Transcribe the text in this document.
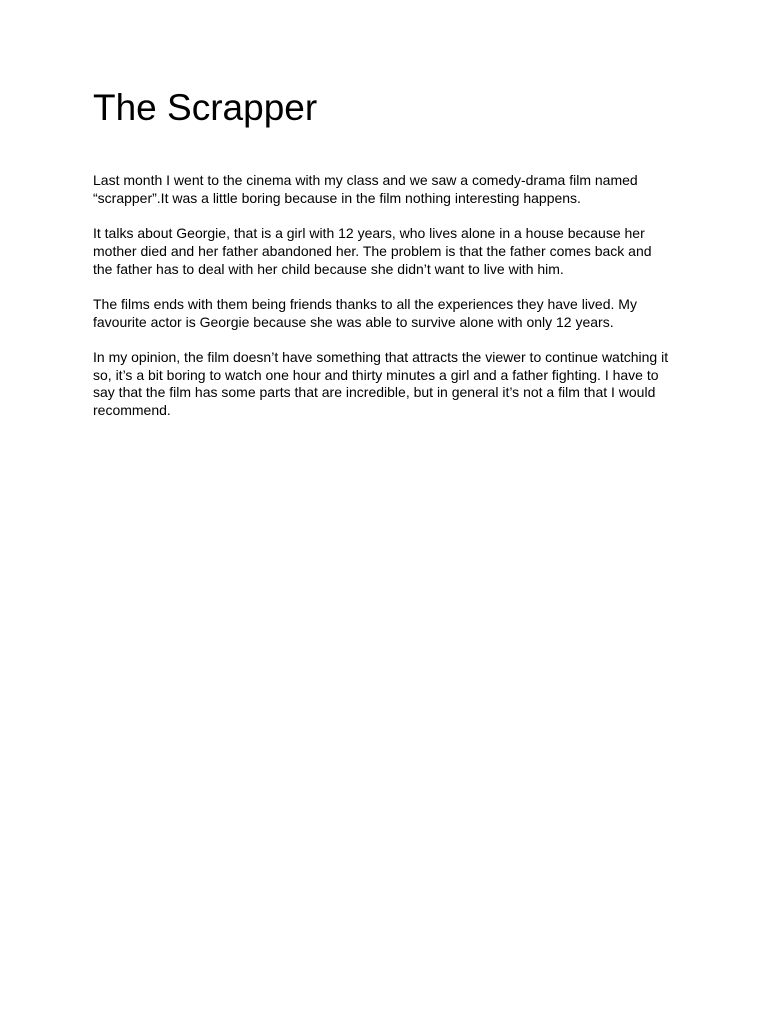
The Scrapper

Last month I went to the cinema with my class and we saw a comedy-drama film named “scrapper”.It was a little boring because in the film nothing interesting happens.

It talks about Georgie, that is a girl with 12 years, who lives alone in a house because her mother died and her father abandoned her. The problem is that the father comes back and the father has to deal with her child because she didn’t want to live with him.

The films ends with them being friends thanks to all the experiences they have lived. My favourite actor is Georgie because she was able to survive alone with only 12 years.

In my opinion, the film doesn’t have something that attracts the viewer to continue watching it so, it’s a bit boring to watch one hour and thirty minutes a girl and a father fighting. I have to say that the film has some parts that are incredible, but in general it’s not a film that I would recommend.
